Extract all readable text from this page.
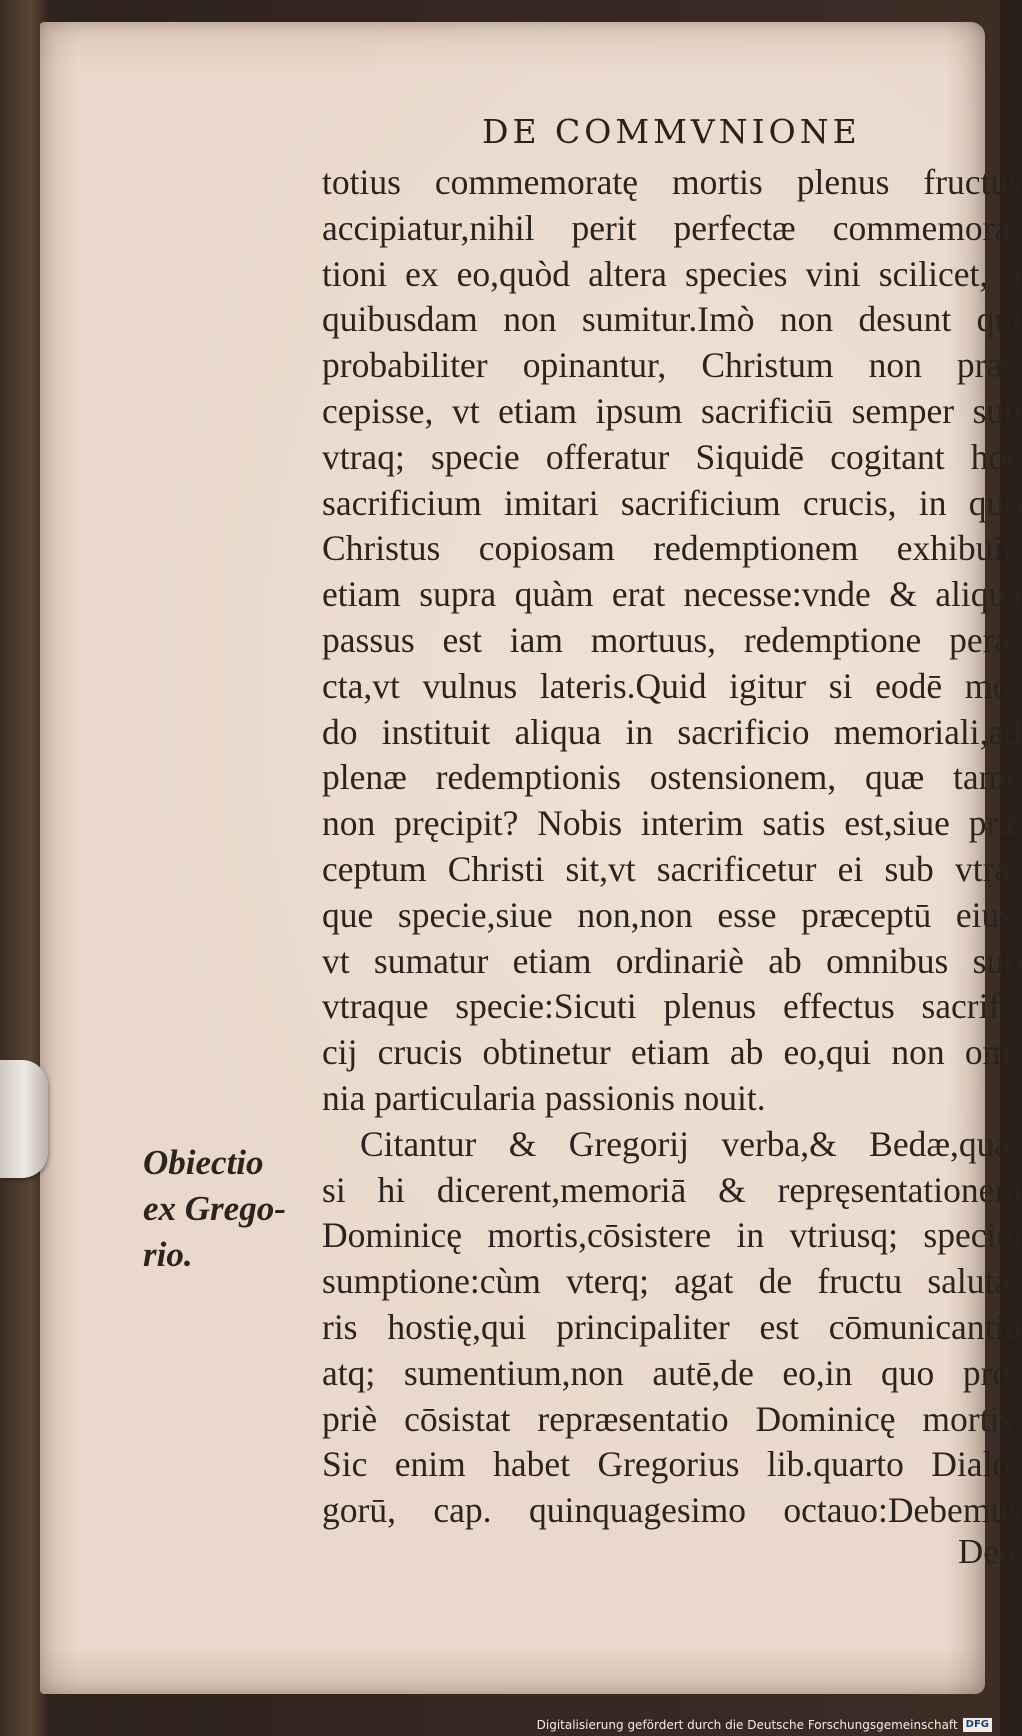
DE COMMVNIONE
totius commemoratę mortis plenus fructus
accipiatur,nihil perit perfectæ commemora-
tioni ex eo,quòd altera species vini scilicet, à
quibusdam non sumitur.Imò non desunt qui
probabiliter opinantur, Christum non præ-
cepisse, vt etiam ipsum sacrificiū semper sub
vtraq; specie offeratur Siquidē cogitant hoc
sacrificium imitari sacrificium crucis, in quo
Christus copiosam redemptionem exhibuit,
etiam supra quàm erat necesse:vnde & aliqua
passus est iam mortuus, redemptione pera-
cta,vt vulnus lateris.Quid igitur si eodē mo-
do instituit aliqua in sacrificio memoriali,ad
plenæ redemptionis ostensionem, quæ tamē
non pręcipit? Nobis interim satis est,siue præ
ceptum Christi sit,vt sacrificetur ei sub vtra-
que specie,siue non,non esse præceptū eius,
vt sumatur etiam ordinariè ab omnibus sub
vtraque specie:Sicuti plenus effectus sacrifi-
cij crucis obtinetur etiam ab eo,qui non om-
nia particularia passionis nouit.
Citantur & Gregorij verba,& Bedæ,qua-
si hi dicerent,memoriā & repręsentationem
Dominicę mortis,cōsistere in vtriusq; speciei
sumptione:cùm vterq; agat de fructu saluta-
ris hostię,qui principaliter est cōmunicantiū
atq; sumentium,non autē,de eo,in quo pro-
priè cōsistat repræsentatio Dominicę mortis.
Sic enim habet Gregorius lib.quarto Dialo-
gorū, cap. quinquagesimo octauo:Debemus
Deo
Obiectio
ex Grego-
rio.
Digitalisierung gefördert durch die Deutsche Forschungsgemeinschaft DFG
